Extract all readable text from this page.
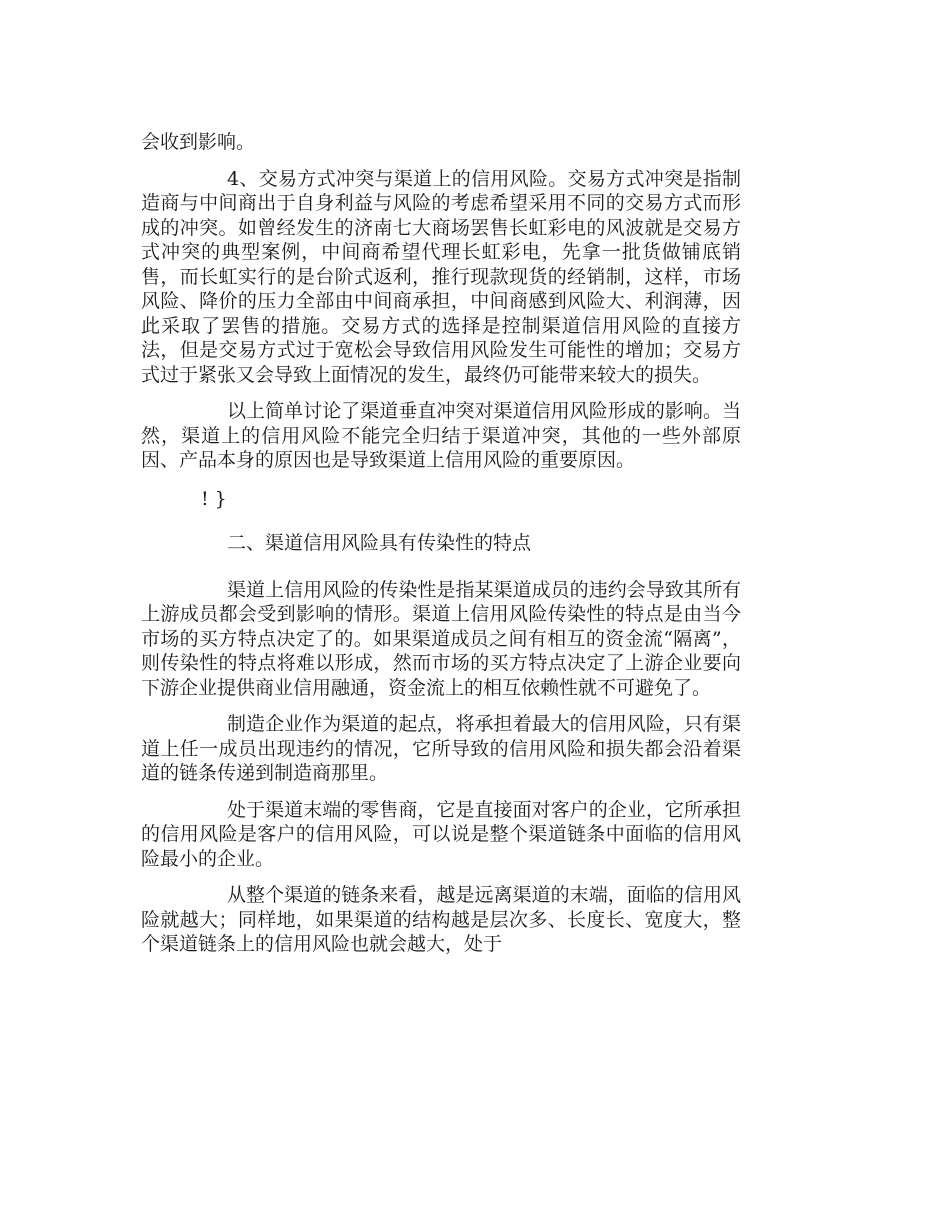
会收到影响。

4、交易方式冲突与渠道上的信用风险。交易方式冲突是指制造商与中间商出于自身利益与风险的考虑希望采用不同的交易方式而形成的冲突。如曾经发生的济南七大商场罢售长虹彩电的风波就是交易方式冲突的典型案例，中间商希望代理长虹彩电，先拿一批货做铺底销售，而长虹实行的是台阶式返利，推行现款现货的经销制，这样，市场风险、降价的压力全部由中间商承担，中间商感到风险大、利润薄，因此采取了罢售的措施。交易方式的选择是控制渠道信用风险的直接方法，但是交易方式过于宽松会导致信用风险发生可能性的增加；交易方式过于紧张又会导致上面情况的发生，最终仍可能带来较大的损失。

以上简单讨论了渠道垂直冲突对渠道信用风险形成的影响。当然，渠道上的信用风险不能完全归结于渠道冲突，其他的一些外部原因、产品本身的原因也是导致渠道上信用风险的重要原因。

! }
二、渠道信用风险具有传染性的特点

渠道上信用风险的传染性是指某渠道成员的违约会导致其所有上游成员都会受到影响的情形。渠道上信用风险传染性的特点是由当今市场的买方特点决定了的。如果渠道成员之间有相互的资金流“隔离”，则传染性的特点将难以形成，然而市场的买方特点决定了上游企业要向下游企业提供商业信用融通，资金流上的相互依赖性就不可避免了。

制造企业作为渠道的起点，将承担着最大的信用风险，只有渠道上任一成员出现违约的情况，它所导致的信用风险和损失都会沿着渠道的链条传递到制造商那里。

处于渠道末端的零售商，它是直接面对客户的企业，它所承担的信用风险是客户的信用风险，可以说是整个渠道链条中面临的信用风险最小的企业。

从整个渠道的链条来看，越是远离渠道的末端，面临的信用风险就越大；同样地，如果渠道的结构越是层次多、长度长、宽度大，整个渠道链条上的信用风险也就会越大，处于
